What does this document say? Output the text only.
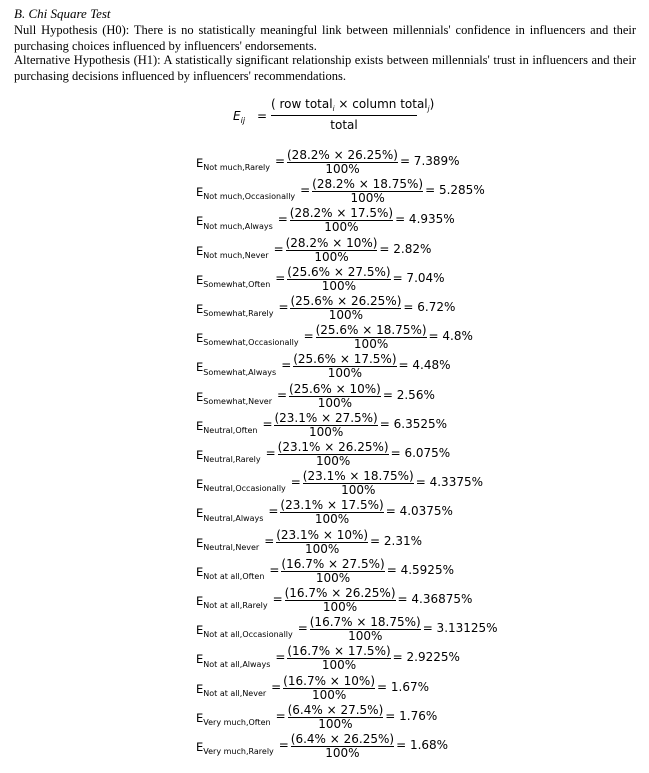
B. Chi Square Test
Null Hypothesis (H0): There is no statistically meaningful link between millennials' confidence in influencers and their purchasing choices influenced by influencers' endorsements.
Alternative Hypothesis (H1): A statistically significant relationship exists between millennials' trust in influencers and their purchasing decisions influenced by influencers' recommendations.
$E_{ij}$ =
( row total$_i$ × column total$_j$)
total
$E_{Not much,Rarely} = (28.2\% \times 26.25\%)$
100%
= 7.389%
$E_{Not much,Occasionally} = (28.2\% \times 18.75\%)$
100%
= 5.285%
$E_{Not much,Always} = (28.2\% \times 17.5\%)$
100%
= 4.935%
$E_{Not much,Never} = (28.2\% \times 10\%)$
100%
= 2.82%
$E_{Somewhat,Often} = (25.6\% \times 27.5\%)$
100%
= 7.04%
$E_{Somewhat,Rarely} = (25.6\% \times 26.25\%)$
100%
= 6.72%
$E_{Somewhat,Occasionally} = (25.6\% \times 18.75\%)$
100%
= 4.8%
$E_{Somewhat,Always} = (25.6\% \times 17.5\%)$
100%
= 4.48%
$E_{Somewhat,Never} = (25.6\% \times 10\%)$
100%
= 2.56%
$E_{Neutral,Often} = (23.1\% \times 27.5\%)$
100%
= 6.3525%
$E_{Neutral,Rarely} = (23.1\% \times 26.25\%)$
100%
= 6.075%
$E_{Neutral,Occasionally} = (23.1\% \times 18.75\%)$
100%
= 4.3375%
$E_{Neutral,Always} = (23.1\% \times 17.5\%)$
100%
= 4.0375%
$E_{Neutral,Never} = (23.1\% \times 10\%)$
100%
= 2.31%
$E_{Not at all,Often} = (16.7\% \times 27.5\%)$
100%
= 4.5925%
$E_{Not at all,Rarely} = (16.7\% \times 26.25\%)$
100%
= 4.36875%
$E_{Not at all,Occasionally} = (16.7\% \times 18.75\%)$
100%
= 3.13125%
$E_{Not at all,Always} = (16.7\% \times 17.5\%)$
100%
= 2.9225%
$E_{Not at all,Never} = (16.7\% \times 10\%)$
100%
= 1.67%
$E_{Very much,Often} = (6.4\% \times 27.5\%)$
100%
= 1.76%
$E_{Very much,Rarely} = (6.4\% \times 26.25\%)$
100%
= 1.68%
